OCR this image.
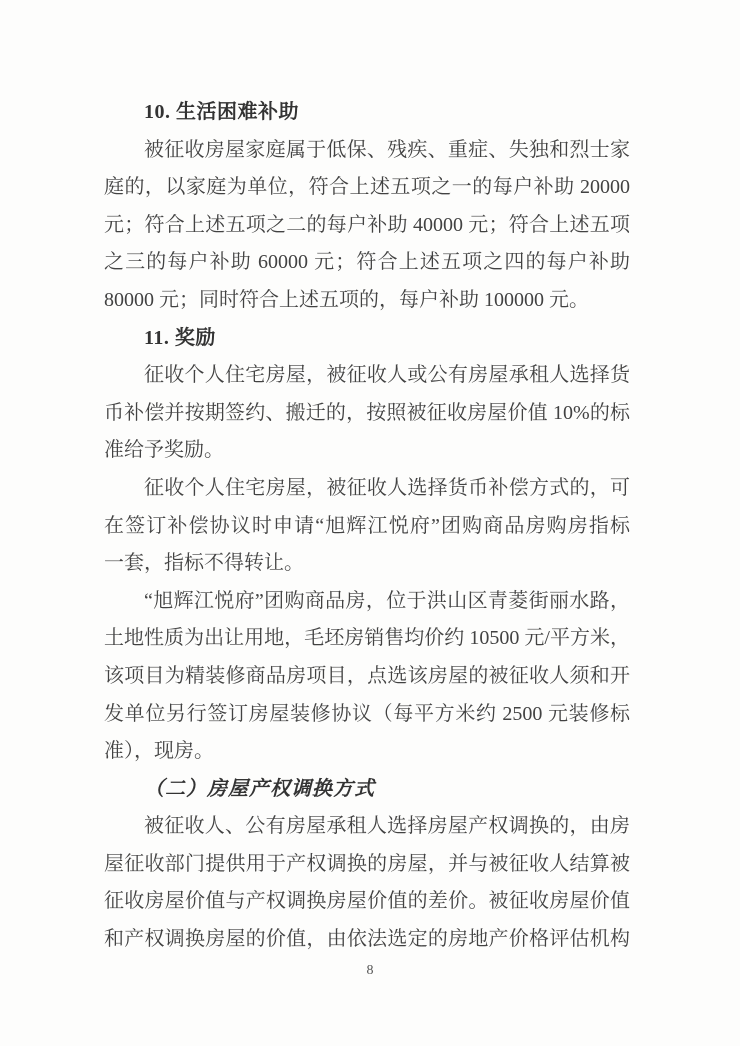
10. 生活困难补助
被征收房屋家庭属于低保、残疾、重症、失独和烈士家
庭的，以家庭为单位，符合上述五项之一的每户补助 20000
元；符合上述五项之二的每户补助 40000 元；符合上述五项
之三的每户补助 60000 元；符合上述五项之四的每户补助
80000 元；同时符合上述五项的，每户补助 100000 元。
11. 奖励
征收个人住宅房屋，被征收人或公有房屋承租人选择货
币补偿并按期签约、搬迁的，按照被征收房屋价值 10%的标
准给予奖励。
征收个人住宅房屋，被征收人选择货币补偿方式的，可
在签订补偿协议时申请“旭辉江悦府”团购商品房购房指标
一套，指标不得转让。
“旭辉江悦府”团购商品房，位于洪山区青菱街丽水路，
土地性质为出让用地，毛坯房销售均价约 10500 元/平方米，
该项目为精装修商品房项目，点选该房屋的被征收人须和开
发单位另行签订房屋装修协议（每平方米约 2500 元装修标
准），现房。
（二）房屋产权调换方式
被征收人、公有房屋承租人选择房屋产权调换的，由房
屋征收部门提供用于产权调换的房屋，并与被征收人结算被
征收房屋价值与产权调换房屋价值的差价。被征收房屋价值
和产权调换房屋的价值，由依法选定的房地产价格评估机构
8
